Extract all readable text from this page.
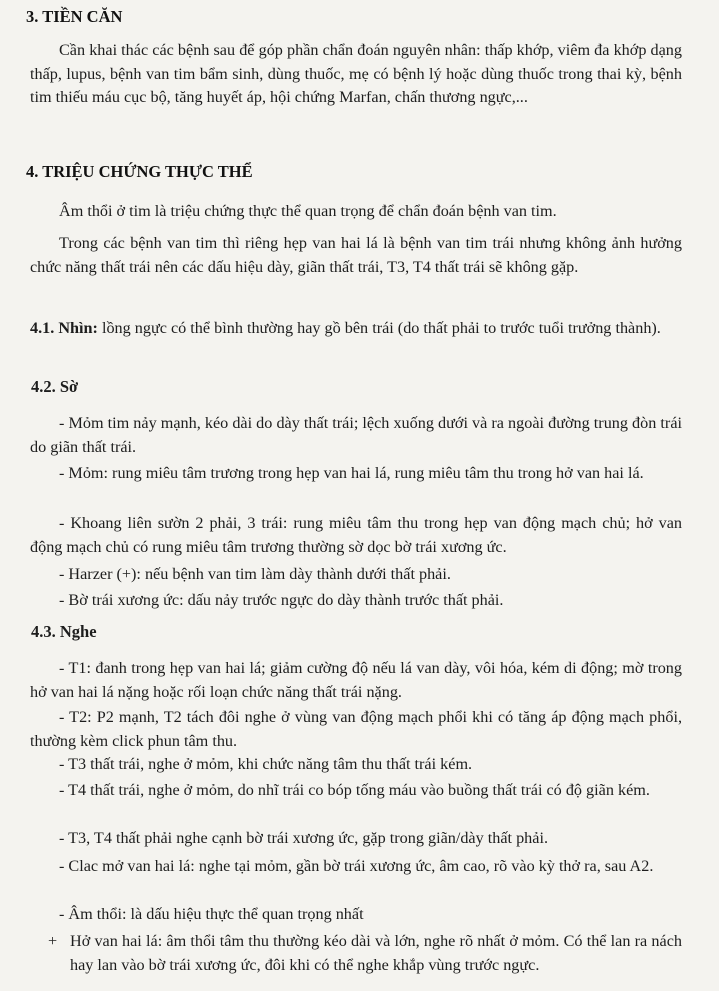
3. TIỀN CĂN

Cần khai thác các bệnh sau để góp phần chẩn đoán nguyên nhân: thấp khớp, viêm đa khớp dạng thấp, lupus, bệnh van tim bẩm sinh, dùng thuốc, mẹ có bệnh lý hoặc dùng thuốc trong thai kỳ, bệnh tim thiếu máu cục bộ, tăng huyết áp, hội chứng Marfan, chấn thương ngực,...

4. TRIỆU CHỨNG THỰC THỂ

Âm thổi ở tim là triệu chứng thực thể quan trọng để chẩn đoán bệnh van tim.

Trong các bệnh van tim thì riêng hẹp van hai lá là bệnh van tim trái nhưng không ảnh hưởng chức năng thất trái nên các dấu hiệu dày, giãn thất trái, T3, T4 thất trái sẽ không gặp.

4.1. Nhìn: lồng ngực có thể bình thường hay gồ bên trái (do thất phải to trước tuổi trưởng thành).

4.2. Sờ

- Mỏm tim nảy mạnh, kéo dài do dày thất trái; lệch xuống dưới và ra ngoài đường trung đòn trái do giãn thất trái.

- Mỏm: rung miêu tâm trương trong hẹp van hai lá, rung miêu tâm thu trong hở van hai lá.

- Khoang liên sườn 2 phải, 3 trái: rung miêu tâm thu trong hẹp van động mạch chủ; hở van động mạch chủ có rung miêu tâm trương thường sờ dọc bờ trái xương ức.

- Harzer (+): nếu bệnh van tim làm dày thành dưới thất phải.

- Bờ trái xương ức: dấu nảy trước ngực do dày thành trước thất phải.

4.3. Nghe

- T1: đanh trong hẹp van hai lá; giảm cường độ nếu lá van dày, vôi hóa, kém di động; mờ trong hở van hai lá nặng hoặc rối loạn chức năng thất trái nặng.

- T2: P2 mạnh, T2 tách đôi nghe ở vùng van động mạch phổi khi có tăng áp động mạch phổi, thường kèm click phun tâm thu.

- T3 thất trái, nghe ở mỏm, khi chức năng tâm thu thất trái kém.

- T4 thất trái, nghe ở mỏm, do nhĩ trái co bóp tống máu vào buồng thất trái có độ giãn kém.

- T3, T4 thất phải nghe cạnh bờ trái xương ức, gặp trong giãn/dày thất phải.

- Clac mở van hai lá: nghe tại mỏm, gần bờ trái xương ức, âm cao, rõ vào kỳ thở ra, sau A2.

- Âm thổi: là dấu hiệu thực thể quan trọng nhất

+ Hở van hai lá: âm thổi tâm thu thường kéo dài và lớn, nghe rõ nhất ở mỏm. Có thể lan ra nách hay lan vào bờ trái xương ức, đôi khi có thể nghe khắp vùng trước ngực.
